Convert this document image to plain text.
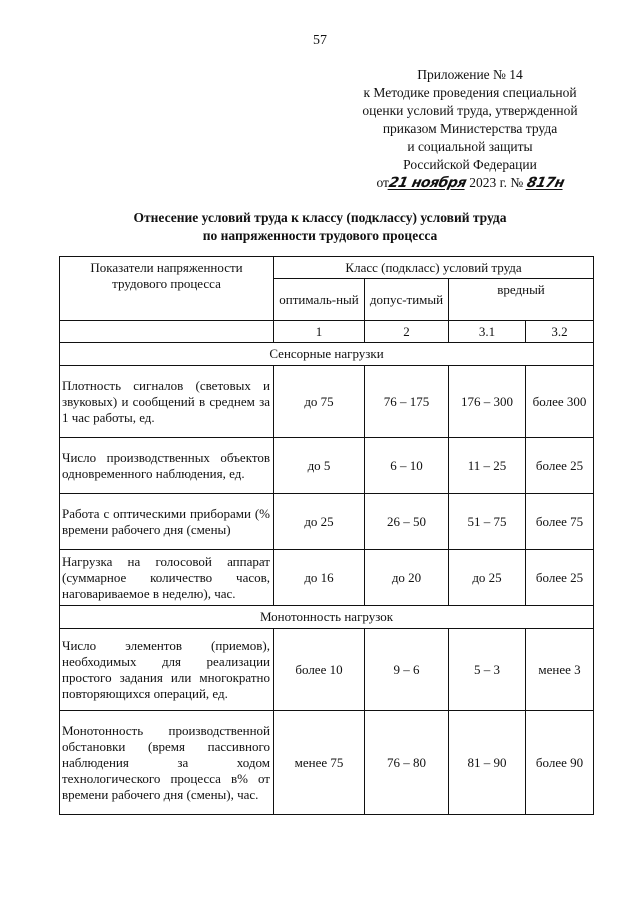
57
Приложение № 14
к Методике проведения специальной
оценки условий труда, утвержденной
приказом Министерства труда
и социальной защиты
Российской Федерации
от21 ноября 2023 г. № 817н
Отнесение условий труда к классу (подклассу) условий труда
по напряженности трудового процесса
Показатели напряженности трудового процесса	Класс (подкласс) условий труда			
	оптималь-ный	допус-тимый	вредный	
	1	2	3.1	3.2
Сенсорные нагрузки				
Плотность сигналов (световых и звуковых) и сообщений в среднем за 1 час работы, ед.	до 75	76 – 175	176 – 300	более 300
Число производственных объектов одновременного наблюдения, ед.	до 5	6 – 10	11 – 25	более 25
Работа с оптическими приборами (% времени рабочего дня (смены)	до 25	26 – 50	51 – 75	более 75
Нагрузка на голосовой аппарат (суммарное количество часов, наговариваемое в неделю), час.	до 16	до 20	до 25	более 25
Монотонность нагрузок				
Число элементов (приемов), необходимых для реализации простого задания или многократно повторяющихся операций, ед.	более 10	9 – 6	5 – 3	менее 3
Монотонность производственной обстановки (время пассивного наблюдения за ходом технологического процесса в% от времени рабочего дня (смены), час.	менее 75	76 – 80	81 – 90	более 90
